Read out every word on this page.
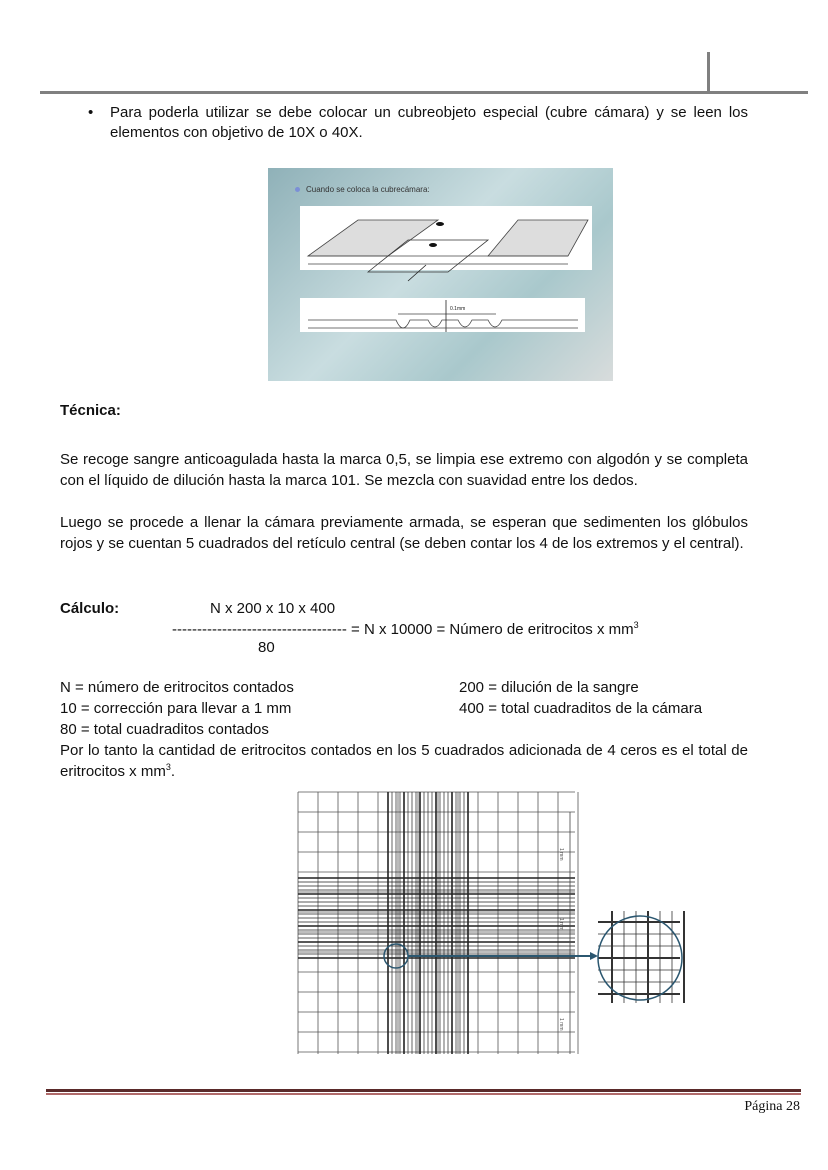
• Para poderla utilizar se debe colocar un cubreobjeto especial (cubre cámara) y se leen los elementos con objetivo de 10X o 40X.
Cuando se coloca la cubrecámara:
0.1mm
Técnica:
Se recoge sangre anticoagulada hasta la marca 0,5, se limpia ese extremo con algodón y se completa con el líquido de dilución hasta la marca 101. Se mezcla con suavidad entre los dedos.
Luego se procede a llenar la cámara previamente armada, se esperan que sedimenten los glóbulos rojos y se cuentan 5 cuadrados del retículo central (se deben contar los 4 de los extremos y el central).
Cálculo:	N x 200 x 10 x 400
----------------------------------- = N x 10000 = Número de eritrocitos x $mm^3$
80
N = número de eritrocitos contados	200 = dilución de la sangre
10 = corrección para llevar a 1 mm	400 = total cuadraditos de la cámara
80 = total cuadraditos contados
Por lo tanto la cantidad de eritrocitos contados en los 5 cuadrados adicionada de 4 ceros es el total de eritrocitos x $mm^3$.
1 mm
1 mm
1 mm
Página 28
